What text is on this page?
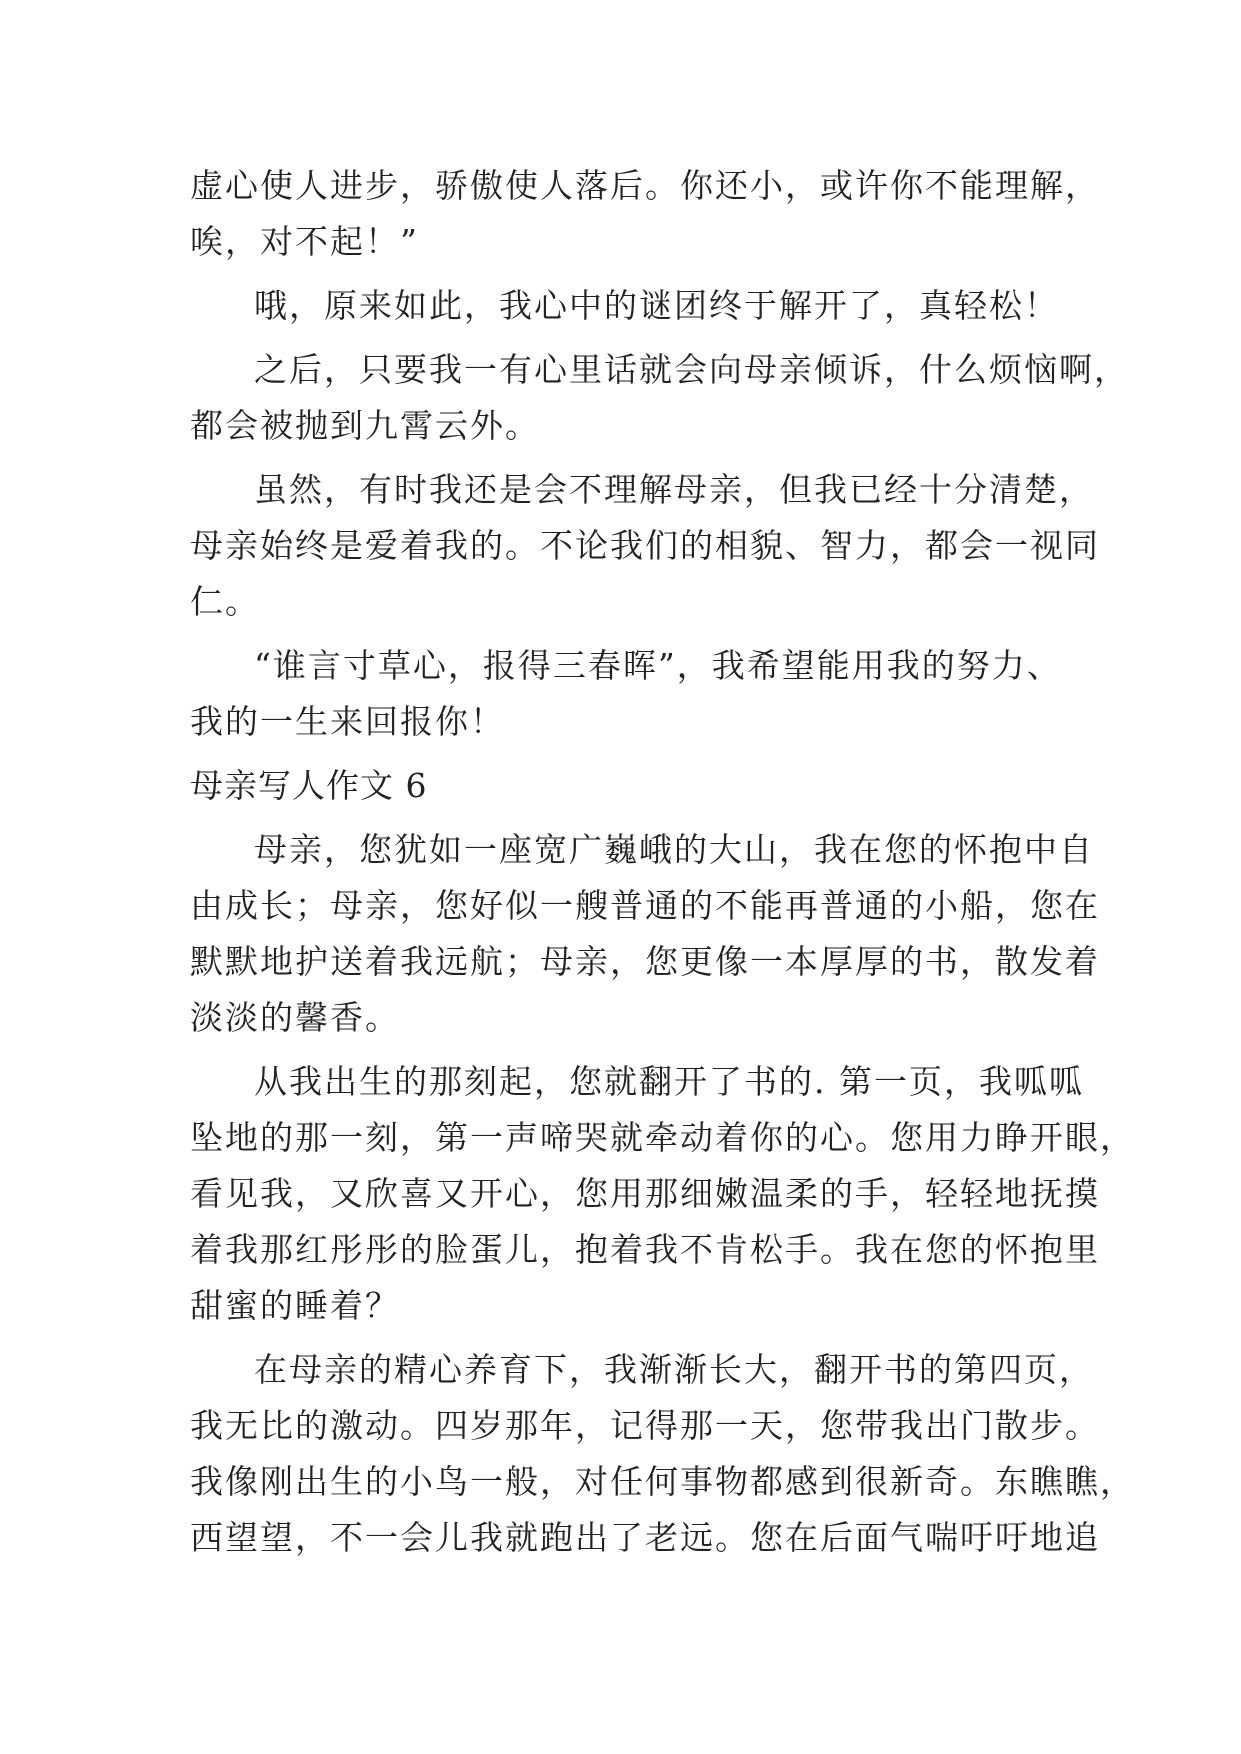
虚心使人进步，骄傲使人落后。你还小，或许你不能理解，
唉，对不起！”
哦，原来如此，我心中的谜团终于解开了，真轻松！
之后，只要我一有心里话就会向母亲倾诉，什么烦恼啊，
都会被抛到九霄云外。
虽然，有时我还是会不理解母亲，但我已经十分清楚，
母亲始终是爱着我的。不论我们的相貌、智力，都会一视同
仁。
“谁言寸草心，报得三春晖”，我希望能用我的努力、
我的一生来回报你！
母亲写人作文 6
母亲，您犹如一座宽广巍峨的大山，我在您的怀抱中自
由成长；母亲，您好似一艘普通的不能再普通的小船，您在
默默地护送着我远航；母亲，您更像一本厚厚的书，散发着
淡淡的馨香。
从我出生的那刻起，您就翻开了书的. 第一页，我呱呱
坠地的那一刻，第一声啼哭就牵动着你的心。您用力睁开眼，
看见我，又欣喜又开心，您用那细嫩温柔的手，轻轻地抚摸
着我那红彤彤的脸蛋儿，抱着我不肯松手。我在您的怀抱里
甜蜜的睡着？
在母亲的精心养育下，我渐渐长大，翻开书的第四页，
我无比的激动。四岁那年，记得那一天，您带我出门散步。
我像刚出生的小鸟一般，对任何事物都感到很新奇。东瞧瞧，
西望望，不一会儿我就跑出了老远。您在后面气喘吁吁地追
